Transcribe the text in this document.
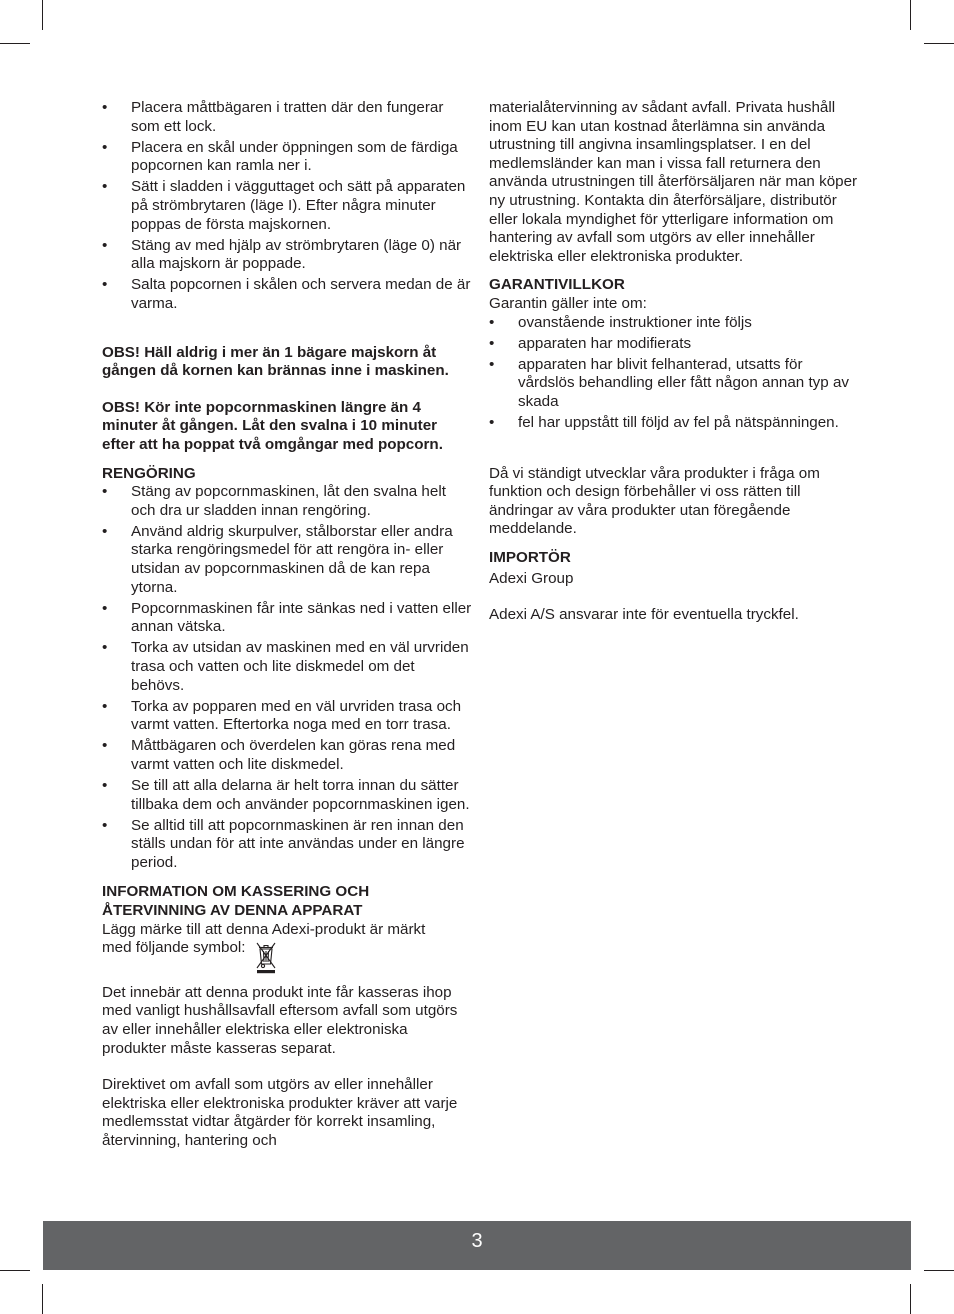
• Placera måttbägaren i tratten där den fungerar som ett lock.
• Placera en skål under öppningen som de färdiga popcornen kan ramla ner i.
• Sätt i sladden i vägguttaget och sätt på apparaten på strömbrytaren (läge I). Efter några minuter poppas de första majskornen.
• Stäng av med hjälp av strömbrytaren (läge 0) när alla majskorn är poppade.
• Salta popcornen i skålen och servera medan de är varma.

OBS! Häll aldrig i mer än 1 bägare majskorn åt gången då kornen kan brännas inne i maskinen.

OBS! Kör inte popcornmaskinen längre än 4 minuter åt gången. Låt den svalna i 10 minuter efter att ha poppat två omgångar med popcorn.

RENGÖRING

• Stäng av popcornmaskinen, låt den svalna helt och dra ur sladden innan rengöring.
• Använd aldrig skurpulver, stålborstar eller andra starka rengöringsmedel för att rengöra in- eller utsidan av popcornmaskinen då de kan repa ytorna.
• Popcornmaskinen får inte sänkas ned i vatten eller annan vätska.
• Torka av utsidan av maskinen med en väl urvriden trasa och vatten och lite diskmedel om det behövs.
• Torka av popparen med en väl urvriden trasa och varmt vatten. Eftertorka noga med en torr trasa.
• Måttbägaren och överdelen kan göras rena med varmt vatten och lite diskmedel.
• Se till att alla delarna är helt torra innan du sätter tillbaka dem och använder popcornmaskinen igen.
• Se alltid till att popcornmaskinen är ren innan den ställs undan för att inte användas under en längre period.

INFORMATION OM KASSERING OCH
ÅTERVINNING AV DENNA APPARAT

Lägg märke till att denna Adexi-produkt är märkt
med följande symbol:

Det innebär att denna produkt inte får kasseras ihop med vanligt hushållsavfall eftersom avfall som utgörs av eller innehåller elektriska eller elektroniska produkter måste kasseras separat.

Direktivet om avfall som utgörs av eller innehåller elektriska eller elektroniska produkter kräver att varje medlemsstat vidtar åtgärder för korrekt insamling, återvinning, hantering och

materialåtervinning av sådant avfall. Privata hushåll inom EU kan utan kostnad återlämna sin använda utrustning till angivna insamlingsplatser. I en del medlemsländer kan man i vissa fall returnera den använda utrustningen till återförsäljaren när man köper ny utrustning. Kontakta din återförsäljare, distributör eller lokala myndighet för ytterligare information om hantering av avfall som utgörs av eller innehåller elektriska eller elektroniska produkter.

GARANTIVILLKOR

Garantin gäller inte om:

• ovanstående instruktioner inte följs
• apparaten har modifierats
• apparaten har blivit felhanterad, utsatts för vårdslös behandling eller fått någon annan typ av skada
• fel har uppstått till följd av fel på nätspänningen.

Då vi ständigt utvecklar våra produkter i fråga om funktion och design förbehåller vi oss rätten till ändringar av våra produkter utan föregående meddelande.

IMPORTÖR

Adexi Group

Adexi A/S ansvarar inte för eventuella tryckfel.

3
